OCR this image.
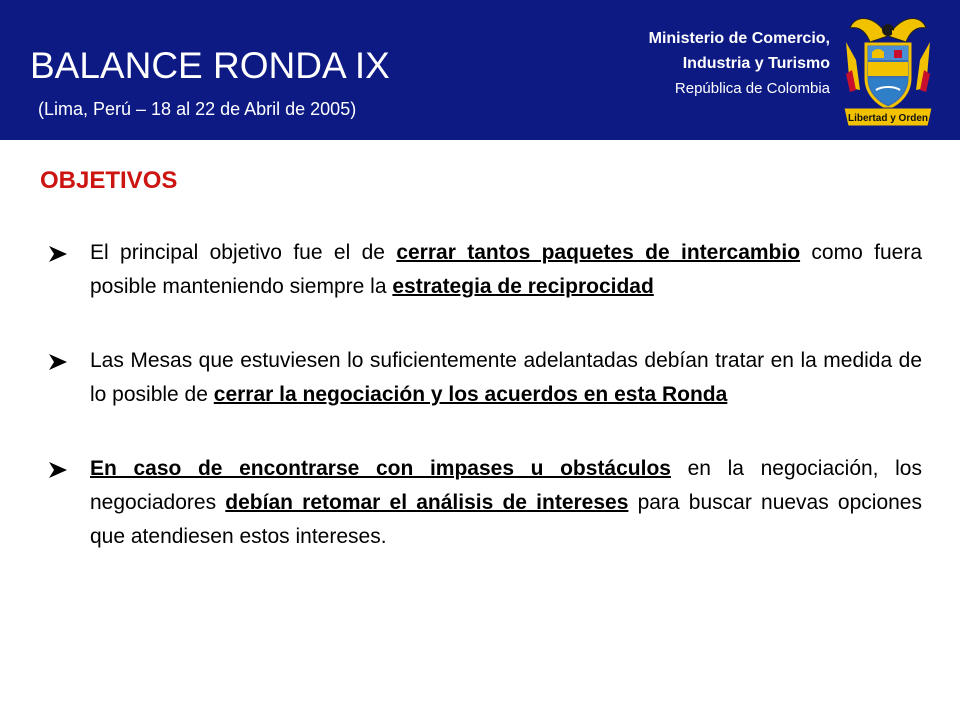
BALANCE RONDA IX
(Lima, Perú – 18 al 22 de Abril de 2005)
Ministerio de Comercio,
Industria y Turismo
República de Colombia
Libertad y Orden
OBJETIVOS
El principal objetivo fue el de cerrar tantos paquetes de intercambio como fuera posible manteniendo siempre la estrategia de reciprocidad
Las Mesas que estuviesen lo suficientemente adelantadas debían tratar en la medida de lo posible de cerrar la negociación y los acuerdos en esta Ronda
En caso de encontrarse con impases u obstáculos en la negociación, los negociadores debían retomar el análisis de intereses para buscar nuevas opciones que atendiesen estos intereses.
